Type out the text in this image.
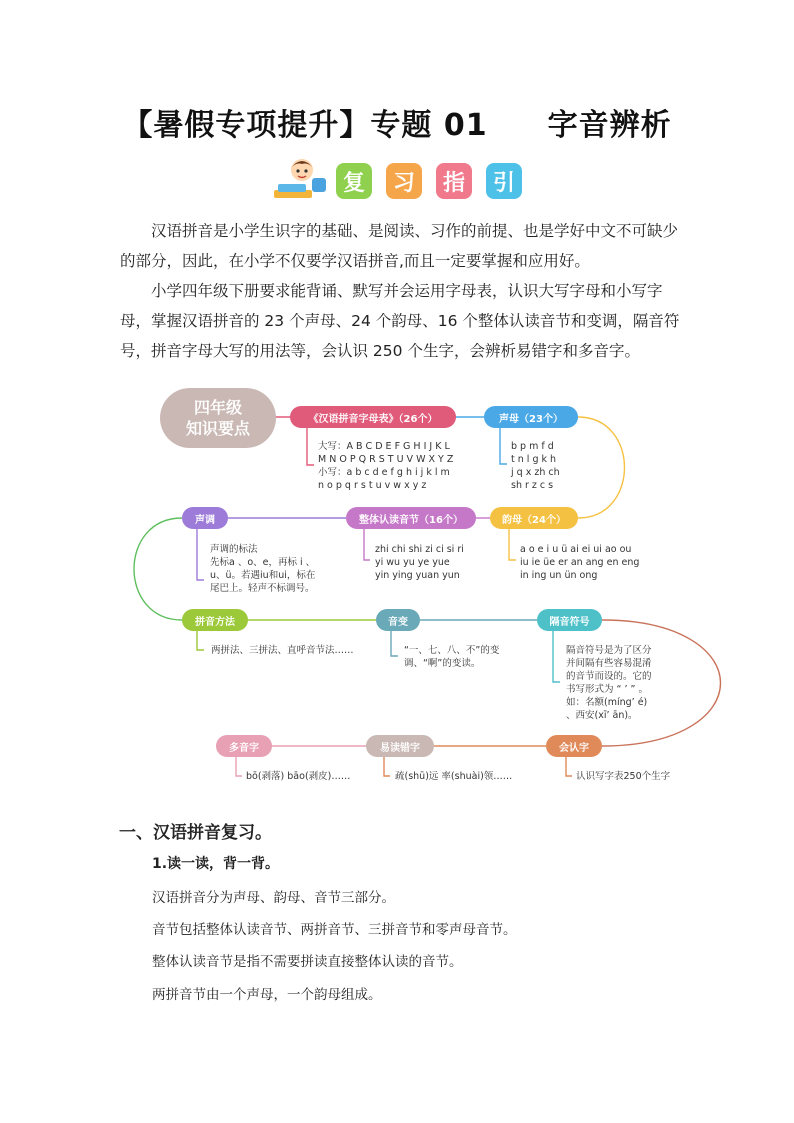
【暑假专项提升】专题 01 字音辨析
复	习	指	引

汉语拼音是小学生识字的基础、是阅读、习作的前提、也是学好中文不可缺少的部分，因此，在小学不仅要学汉语拼音,而且一定要掌握和应用好。

小学四年级下册要求能背诵、默写并会运用字母表，认识大写字母和小写字母，掌握汉语拼音的 23 个声母、24 个韵母、16 个整体认读音节和变调，隔音符号，拼音字母大写的用法等，会认识 250 个生字，会辨析易错字和多音字。

四年级
知识要点	《汉语拼音字母表》（26个）
大写：A B C D E F G H I J K L
M N O P Q R S T U V W X Y Z
小写：a b c d e f g h i j k l m
n o p q r s t u v w x y z
声母（23个）
b p m f d
t n l g k h
j q x zh ch
sh r z c s
韵母（24个）
a o e i u ü ai ei ui ao ou
iu ie üe er an ang en eng
in ing un ün ong
整体认读音节（16个）
zhi chi shi zi ci si ri
yi wu yu ye yue
yin ying yuan yun
声调
声调的标法
先标a 、o、e，再标 i 、
u、ü。若遇iu和ui，标在
尾巴上。轻声不标调号。
拼音方法
两拼法、三拼法、直呼音节法……
音变
“一、七、八、不”的变
调、“啊”的变读。
隔音符号
隔音符号是为了区分
并间隔有些容易混淆
的音节而设的。它的
书写形式为 “ ’ ” 。
如：名额(míng’ é)
、西安(xī’ ān)。
会认字
认识写字表250个生字
易读错字
疏(shū)远 率(shuài)领……
多音字
bō(剥落) bāo(剥皮)……
一、汉语拼音复习。
1.读一读，背一背。
汉语拼音分为声母、韵母、音节三部分。
音节包括整体认读音节、两拼音节、三拼音节和零声母音节。
整体认读音节是指不需要拼读直接整体认读的音节。
两拼音节由一个声母，一个韵母组成。
